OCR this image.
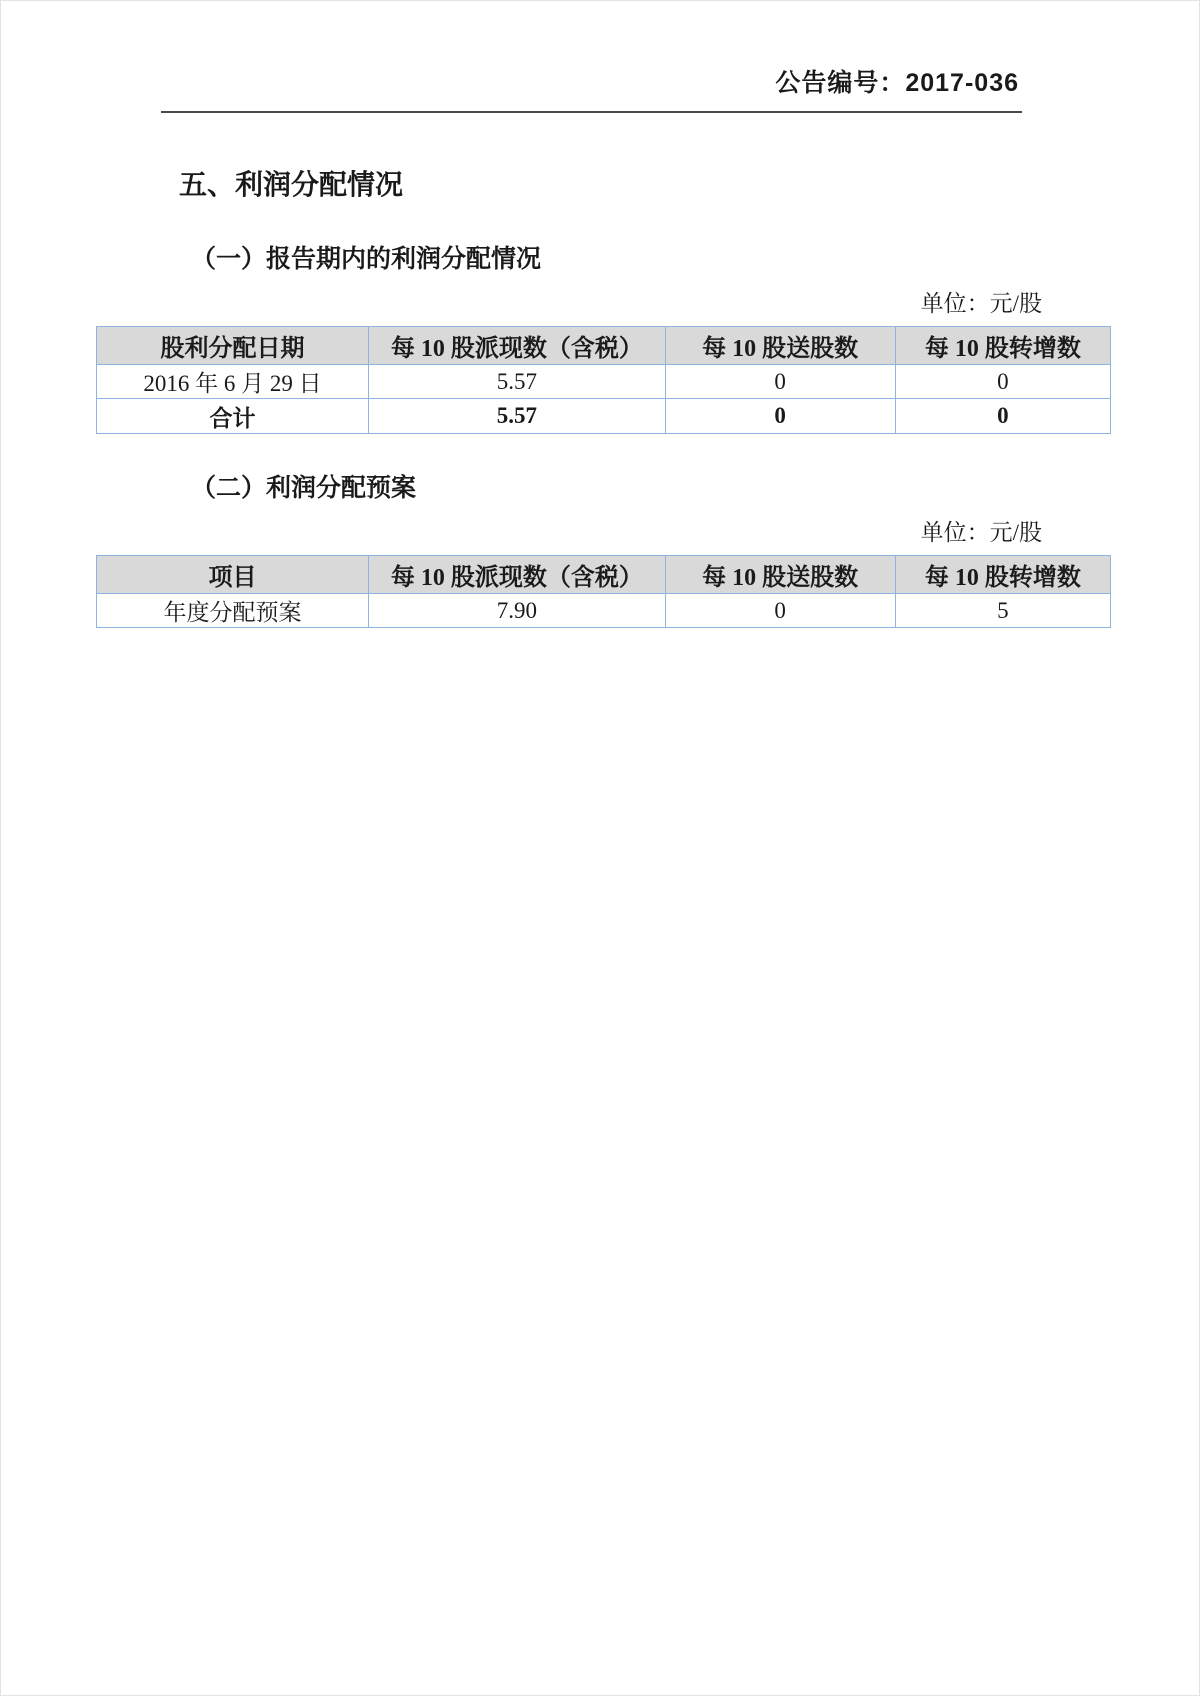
公告编号：2017-036
五、利润分配情况
（一）报告期内的利润分配情况
单位：元/股
股利分配日期	每 10 股派现数（含税）	每 10 股送股数	每 10 股转增数
2016 年 6 月 29 日	5.57	0	0
合计	5.57	0	0
（二）利润分配预案
单位：元/股
项目	每 10 股派现数（含税）	每 10 股送股数	每 10 股转增数
年度分配预案	7.90	0	5
